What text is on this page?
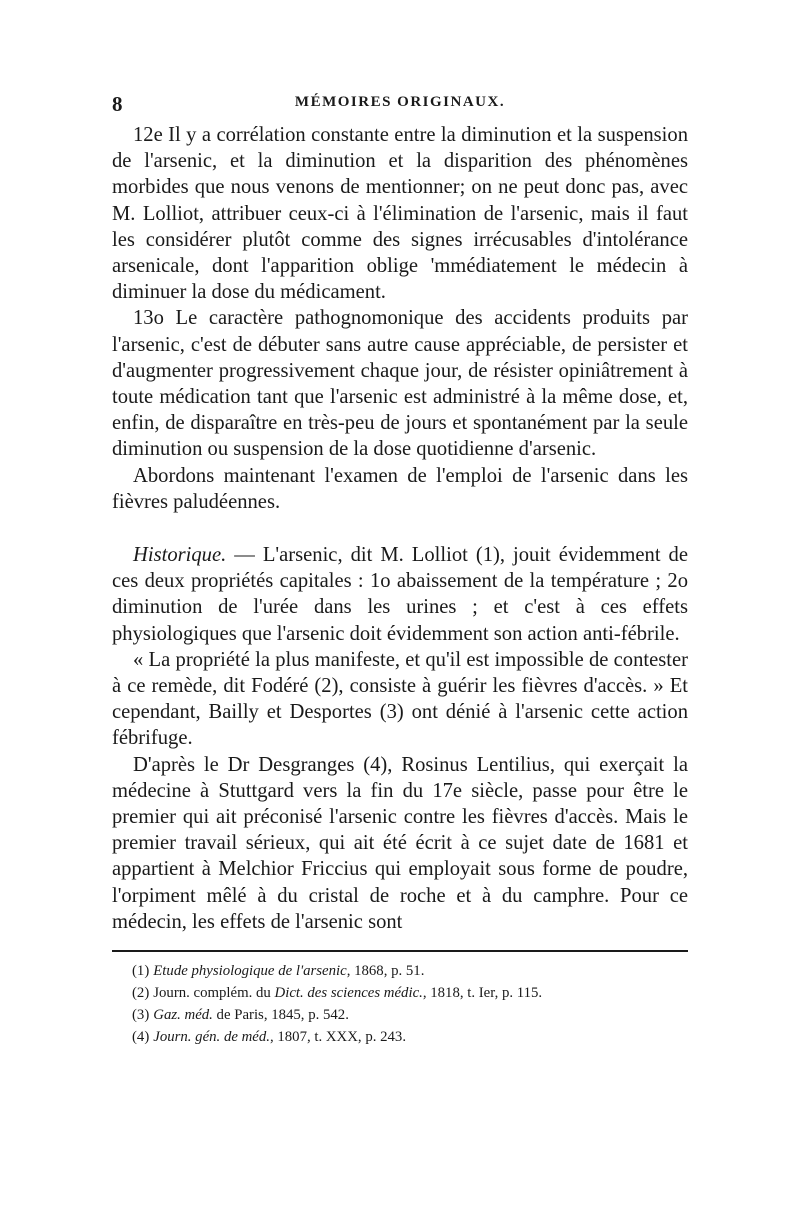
8	MÉMOIRES ORIGINAUX.

12e Il y a corrélation constante entre la diminution et la suspension de l'arsenic, et la diminution et la disparition des phénomènes morbides que nous venons de mentionner; on ne peut donc pas, avec M. Lolliot, attribuer ceux-ci à l'élimination de l'arsenic, mais il faut les considérer plutôt comme des signes irrécusables d'intolérance arsenicale, dont l'apparition oblige 'mmédiatement le médecin à diminuer la dose du médicament.

13o Le caractère pathognomonique des accidents produits par l'arsenic, c'est de débuter sans autre cause appréciable, de persister et d'augmenter progressivement chaque jour, de résister opiniâtrement à toute médication tant que l'arsenic est administré à la même dose, et, enfin, de disparaître en très-peu de jours et spontanément par la seule diminution ou suspension de la dose quotidienne d'arsenic.

Abordons maintenant l'examen de l'emploi de l'arsenic dans les fièvres paludéennes.

Historique. — L'arsenic, dit M. Lolliot (1), jouit évidemment de ces deux propriétés capitales : 1o abaissement de la température ; 2o diminution de l'urée dans les urines ; et c'est à ces effets physiologiques que l'arsenic doit évidemment son action anti-fébrile.

« La propriété la plus manifeste, et qu'il est impossible de contester à ce remède, dit Fodéré (2), consiste à guérir les fièvres d'accès. » Et cependant, Bailly et Desportes (3) ont dénié à l'arsenic cette action fébrifuge.

D'après le Dr Desgranges (4), Rosinus Lentilius, qui exerçait la médecine à Stuttgard vers la fin du 17e siècle, passe pour être le premier qui ait préconisé l'arsenic contre les fièvres d'accès. Mais le premier travail sérieux, qui ait été écrit à ce sujet date de 1681 et appartient à Melchior Friccius qui employait sous forme de poudre, l'orpiment mêlé à du cristal de roche et à du camphre. Pour ce médecin, les effets de l'arsenic sont

(1) Etude physiologique de l'arsenic, 1868, p. 51.
(2) Journ. complém. du Dict. des sciences médic., 1818, t. Ier, p. 115.
(3) Gaz. méd. de Paris, 1845, p. 542.
(4) Journ. gén. de méd., 1807, t. XXX, p. 243.
